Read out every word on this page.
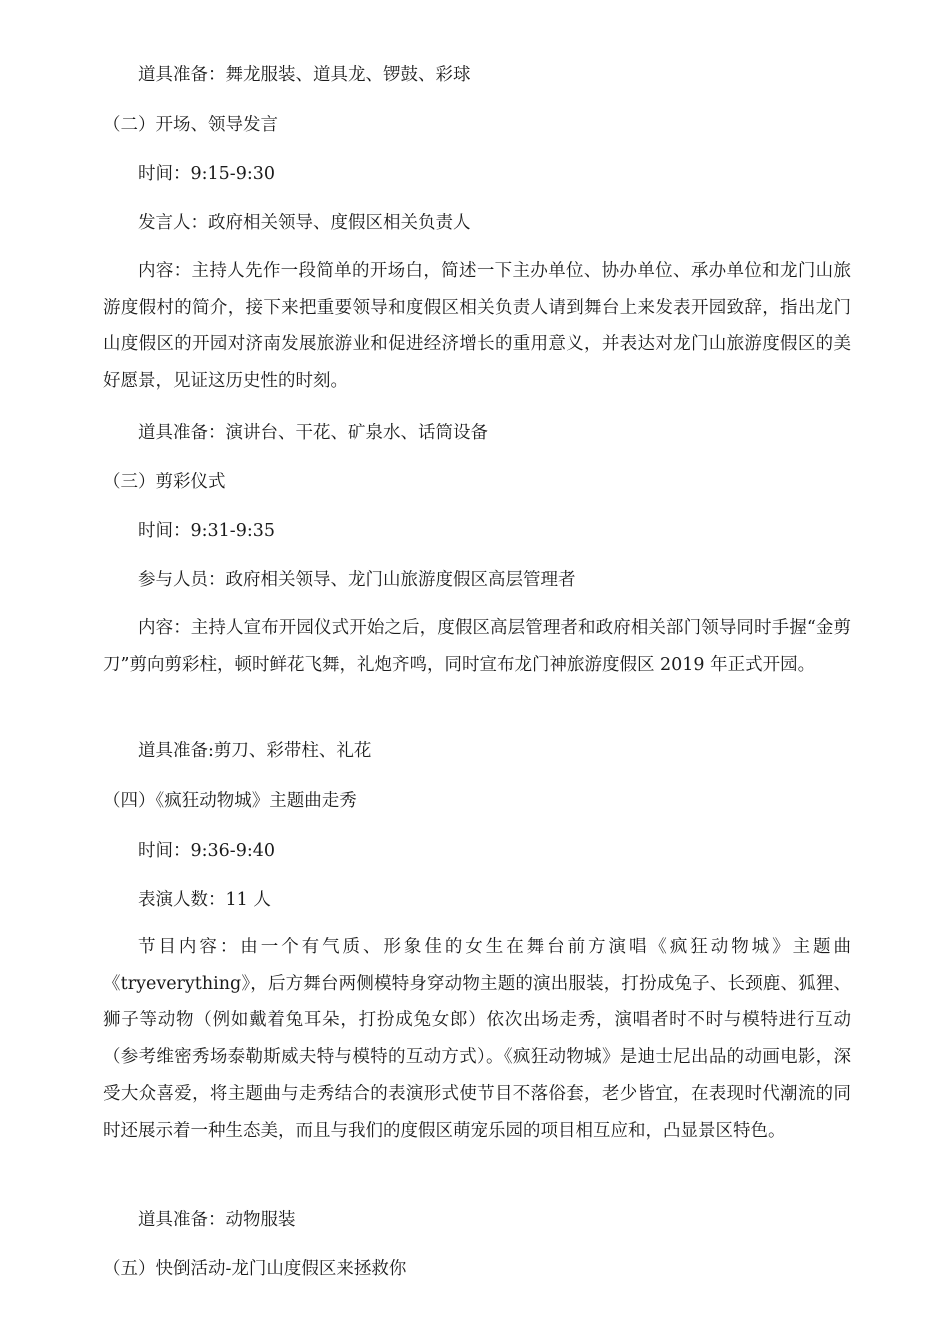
道具准备：舞龙服装、道具龙、锣鼓、彩球
（二）开场、领导发言
时间：9:15-9:30
发言人：政府相关领导、度假区相关负责人
内容：主持人先作一段简单的开场白，简述一下主办单位、协办单位、承办单位和龙门山旅游度假村的简介，接下来把重要领导和度假区相关负责人请到舞台上来发表开园致辞，指出龙门山度假区的开园对济南发展旅游业和促进经济增长的重用意义，并表达对龙门山旅游度假区的美好愿景，见证这历史性的时刻。
道具准备：演讲台、干花、矿泉水、话筒设备
（三）剪彩仪式
时间：9:31-9:35
参与人员：政府相关领导、龙门山旅游度假区高层管理者
内容：主持人宣布开园仪式开始之后，度假区高层管理者和政府相关部门领导同时手握“金剪刀”剪向剪彩柱，顿时鲜花飞舞，礼炮齐鸣，同时宣布龙门神旅游度假区 2019 年正式开园。
道具准备:剪刀、彩带柱、礼花
（四）《疯狂动物城》主题曲走秀
时间：9:36-9:40
表演人数：11 人
节目内容：由一个有气质、形象佳的女生在舞台前方演唱《疯狂动物城》主题曲《tryeverything》，后方舞台两侧模特身穿动物主题的演出服装，打扮成兔子、长颈鹿、狐狸、狮子等动物（例如戴着兔耳朵，打扮成兔女郎）依次出场走秀，演唱者时不时与模特进行互动（参考维密秀场泰勒斯威夫特与模特的互动方式）。《疯狂动物城》是迪士尼出品的动画电影，深受大众喜爱，将主题曲与走秀结合的表演形式使节目不落俗套，老少皆宜，在表现时代潮流的同时还展示着一种生态美，而且与我们的度假区萌宠乐园的项目相互应和，凸显景区特色。
道具准备：动物服装
（五）快倒活动-龙门山度假区来拯救你
